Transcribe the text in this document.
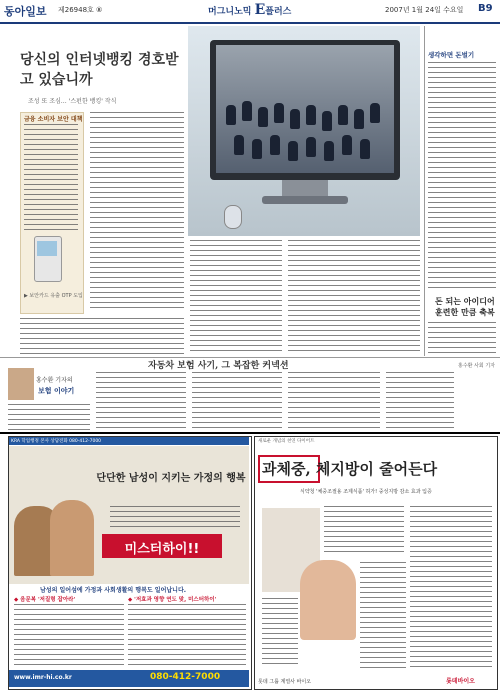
동아일보 제26948호 ⑧	머그니노믹 E플러스	2007년 1월 24일 수요일 B9
당신의 인터넷뱅킹 경호받고 있습니까
조성 또 조심… '스펀한 뱅킹' 작식
금융 소비자 보안 대책
▶ 보안카드 유출 OTP 도입
생각하면 돈벌기
돈 되는 아이디어 훈련한 만큼 축복
홍수환 기자의
보험 이야기
자동차 보험 사기, 그 복잡한 커넥션	홍수환 사회 기자
KRA 학업행정 본사 상담전화 080-412-7000
단단한 남성이 지키는 가정의 행복
미스터하이!!
남성의 일어섬에 가정과 사회생활의 행복도 일어납니다.
◆ 음문복 '저질형 잡아라'	◆ '저효과 영향 연도 맞, 미스터하이'
www.imr-hi.co.kr	080-412-7000
새로운 개념의 천연 다이어트
과체중, 체지방이 줄어든다
식약청 '체중조절용 조제식품' 허가! 중성지방 감소 효과 입증
롯데 그룹 계열사 바이오	롯데바이오
